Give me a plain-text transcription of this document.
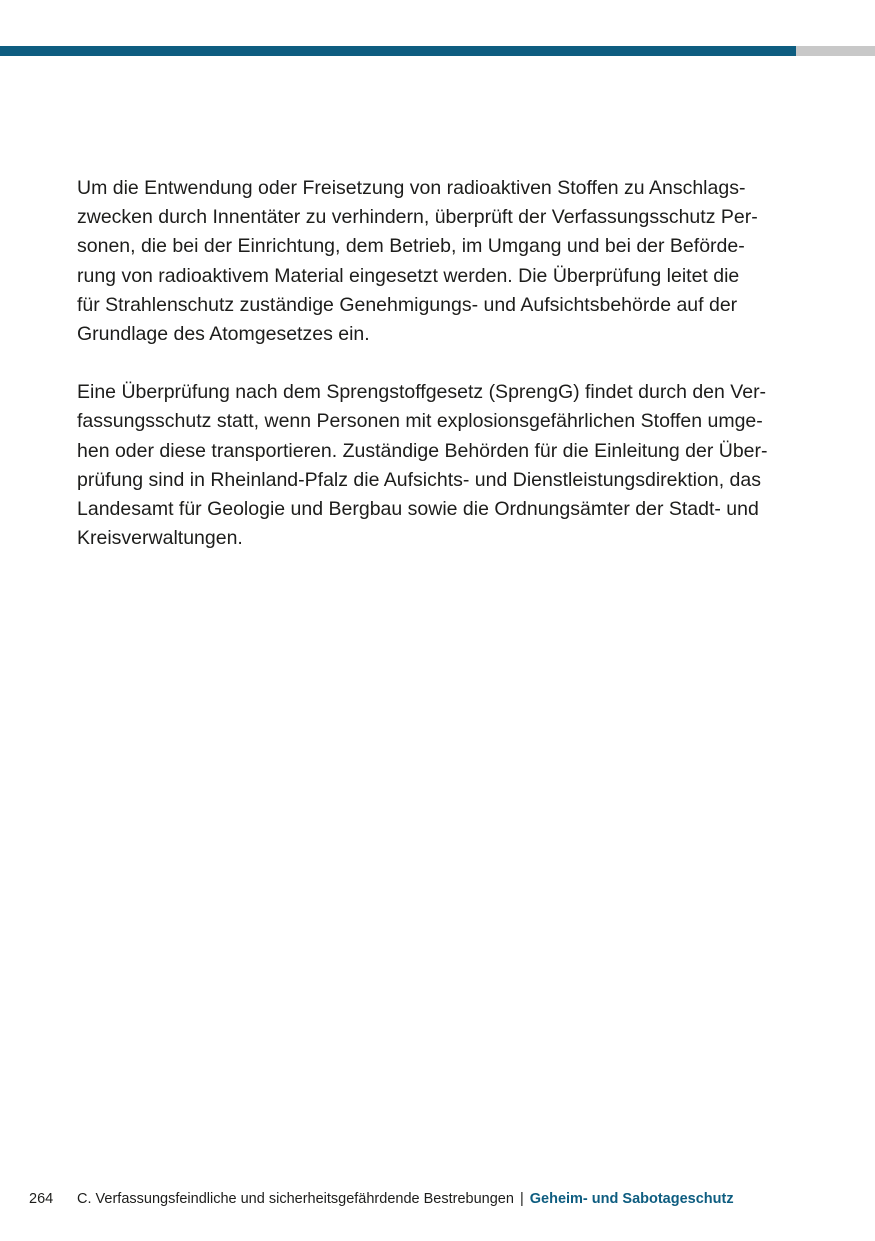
Um die Entwendung oder Freisetzung von radioaktiven Stoffen zu Anschlags-
zwecken durch Innentäter zu verhindern, überprüft der Verfassungsschutz Per-
sonen, die bei der Einrichtung, dem Betrieb, im Umgang und bei der Beförde-
rung von radioaktivem Material eingesetzt werden. Die Überprüfung leitet die
für Strahlenschutz zuständige Genehmigungs- und Aufsichtsbehörde auf der
Grundlage des Atomgesetzes ein.

Eine Überprüfung nach dem Sprengstoffgesetz (SprengG) findet durch den Ver-
fassungsschutz statt, wenn Personen mit explosionsgefährlichen Stoffen umge-
hen oder diese transportieren. Zuständige Behörden für die Einleitung der Über-
prüfung sind in Rheinland-Pfalz die Aufsichts- und Dienstleistungsdirektion, das
Landesamt für Geologie und Bergbau sowie die Ordnungsämter der Stadt- und
Kreisverwaltungen.

264 C. Verfassungsfeindliche und sicherheitsgefährdende Bestrebungen | Geheim- und Sabotageschutz
